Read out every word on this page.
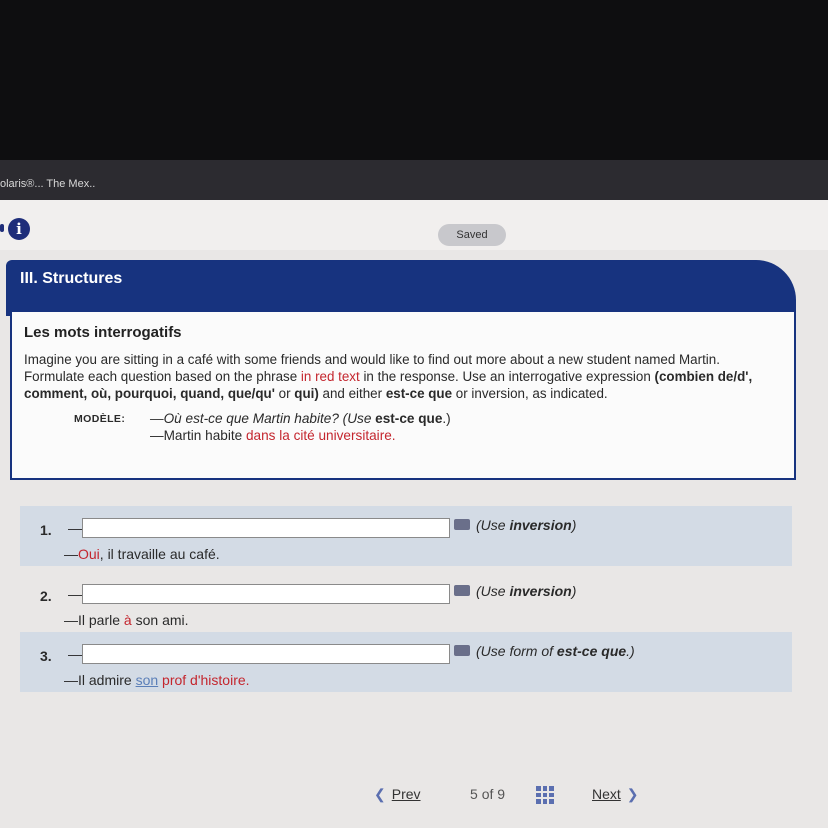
olaris®... The Mex..
i	Saved
III. Structures
Les mots interrogatifs

Imagine you are sitting in a café with some friends and would like to find out more about a new student named Martin. Formulate each question based on the phrase in red text in the response. Use an interrogative expression (combien de/d', comment, où, pourquoi, quand, que/qu' or qui) and either est-ce que or inversion, as indicated.

MODÈLE:	—Où est-ce que Martin habite? (Use est-ce que.)
—Martin habite dans la cité universitaire.
1. —	(Use inversion)
—Oui, il travaille au café.
2. —	(Use inversion)
—Il parle à son ami.
3. —	(Use form of est-ce que.)
—Il admire son prof d'histoire.
❮ Prev	5 of 9	Next ❯
